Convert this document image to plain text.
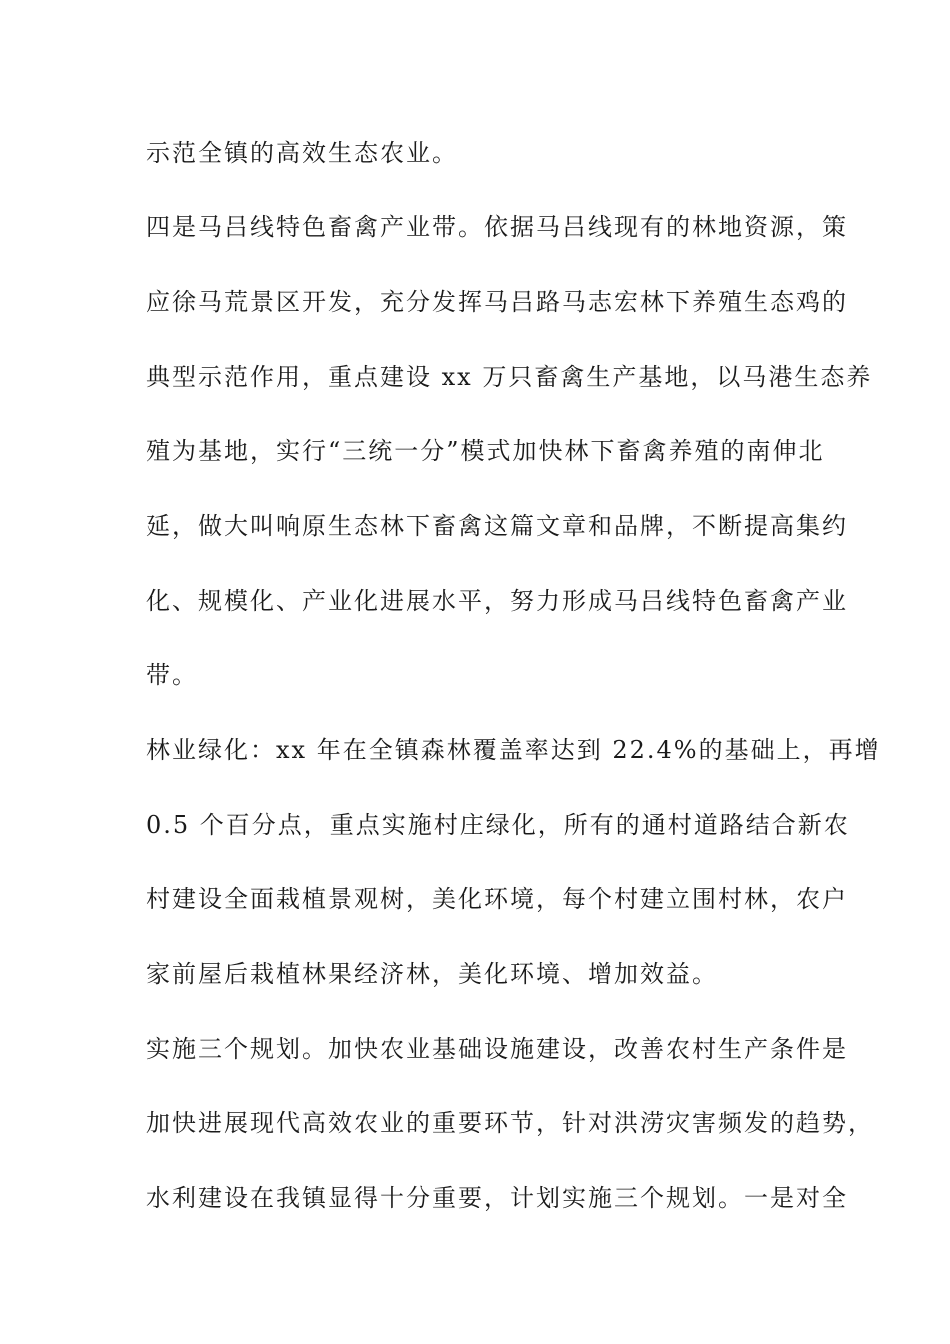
示范全镇的高效生态农业。
四是马吕线特色畜禽产业带。依据马吕线现有的林地资源，策
应徐马荒景区开发，充分发挥马吕路马志宏林下养殖生态鸡的
典型示范作用，重点建设 xx 万只畜禽生产基地，以马港生态养
殖为基地，实行“三统一分”模式加快林下畜禽养殖的南伸北
延，做大叫响原生态林下畜禽这篇文章和品牌，不断提高集约
化、规模化、产业化进展水平，努力形成马吕线特色畜禽产业
带。
林业绿化：xx 年在全镇森林覆盖率达到 22.4%的基础上，再增
0.5 个百分点，重点实施村庄绿化，所有的通村道路结合新农
村建设全面栽植景观树，美化环境，每个村建立围村林，农户
家前屋后栽植林果经济林，美化环境、增加效益。
实施三个规划。加快农业基础设施建设，改善农村生产条件是
加快进展现代高效农业的重要环节，针对洪涝灾害频发的趋势，
水利建设在我镇显得十分重要，计划实施三个规划。一是对全
